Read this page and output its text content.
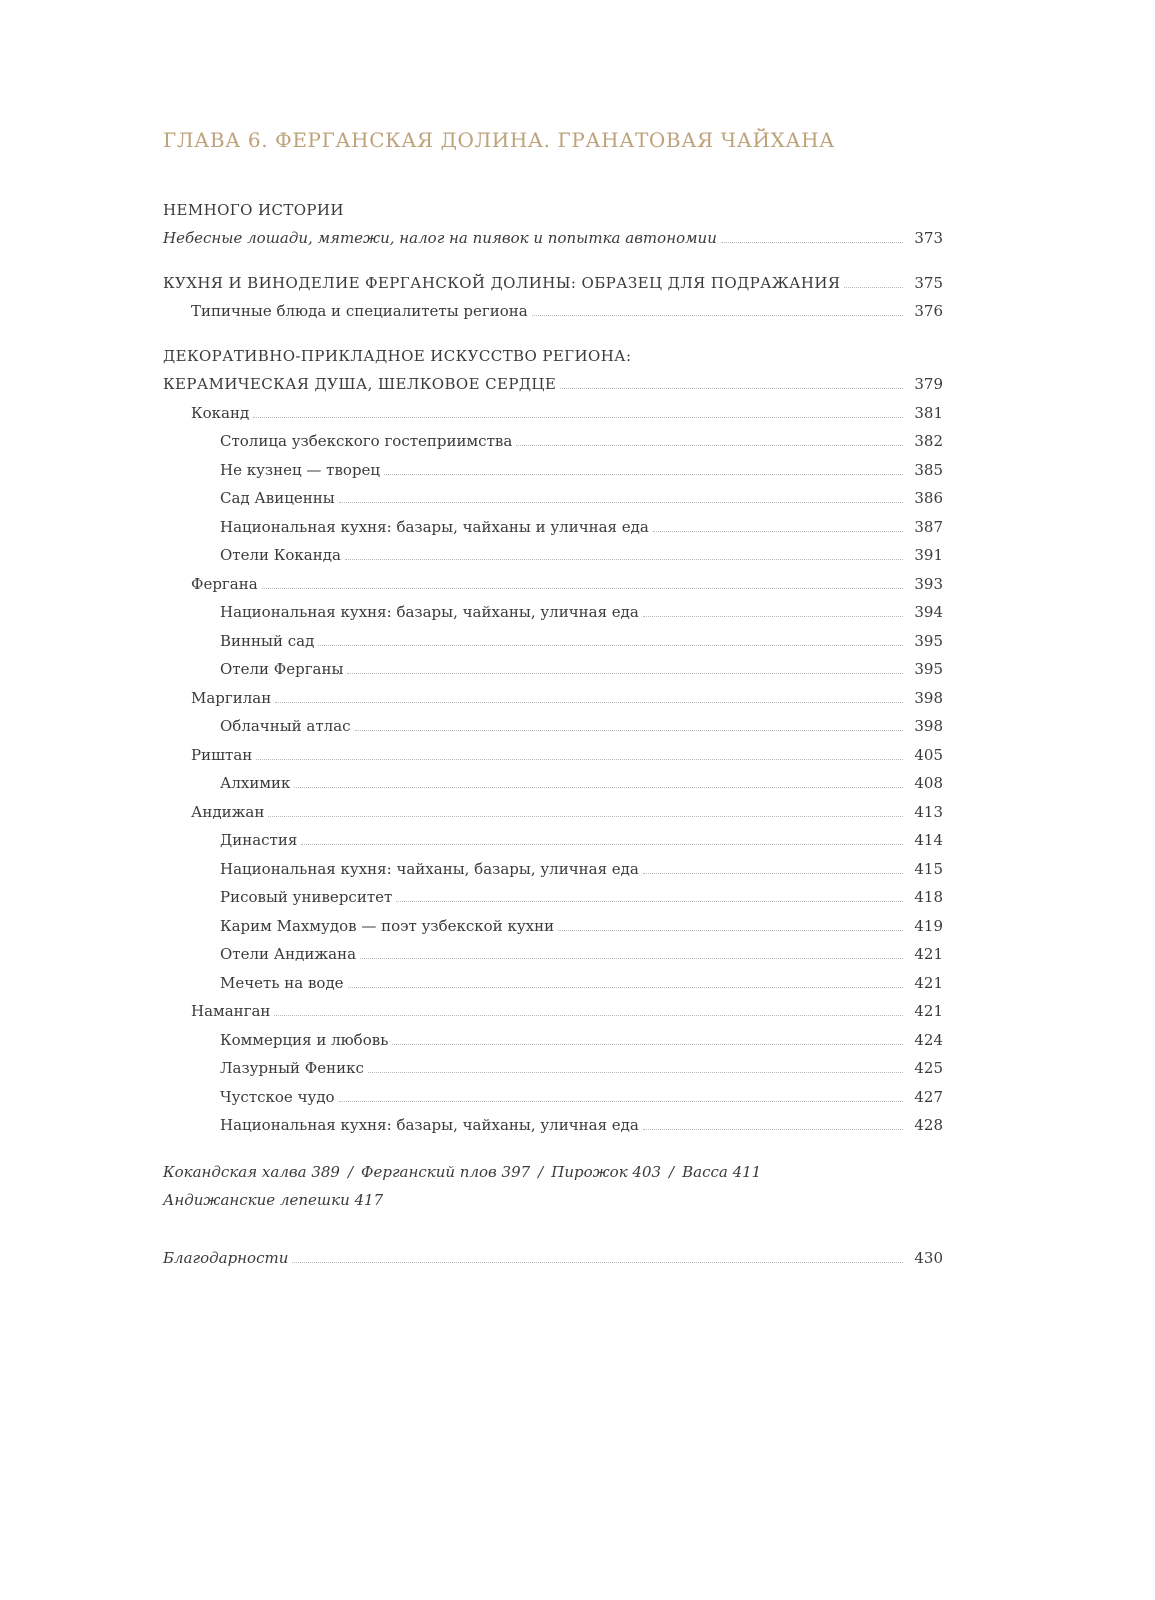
ГЛАВА 6. ФЕРГАНСКАЯ ДОЛИНА. ГРАНАТОВАЯ ЧАЙХАНА
НЕМНОГО ИСТОРИИ
Небесные лошади, мятежи, налог на пиявок и попытка автономии	373
КУХНЯ И ВИНОДЕЛИЕ ФЕРГАНСКОЙ ДОЛИНЫ: ОБРАЗЕЦ ДЛЯ ПОДРАЖАНИЯ	375
Типичные блюда и специалитеты региона	376
ДЕКОРАТИВНО-ПРИКЛАДНОЕ ИСКУССТВО РЕГИОНА:
КЕРАМИЧЕСКАЯ ДУША, ШЕЛКОВОЕ СЕРДЦЕ	379
Коканд	381
Столица узбекского гостеприимства	382
Не кузнец — творец	385
Сад Авиценны	386
Национальная кухня: базары, чайханы и уличная еда	387
Отели Коканда	391
Фергана	393
Национальная кухня: базары, чайханы, уличная еда	394
Винный сад	395
Отели Ферганы	395
Маргилан	398
Облачный атлас	398
Риштан	405
Алхимик	408
Андижан	413
Династия	414
Национальная кухня: чайханы, базары, уличная еда	415
Рисовый университет	418
Карим Махмудов — поэт узбекской кухни	419
Отели Андижана	421
Мечеть на воде	421
Наманган	421
Коммерция и любовь	424
Лазурный Феникс	425
Чустское чудо	427
Национальная кухня: базары, чайханы, уличная еда	428
Кокандская халва 389 / Ферганский плов 397 / Пирожок 403 / Васса 411
Андижанские лепешки 417
Благодарности	430
